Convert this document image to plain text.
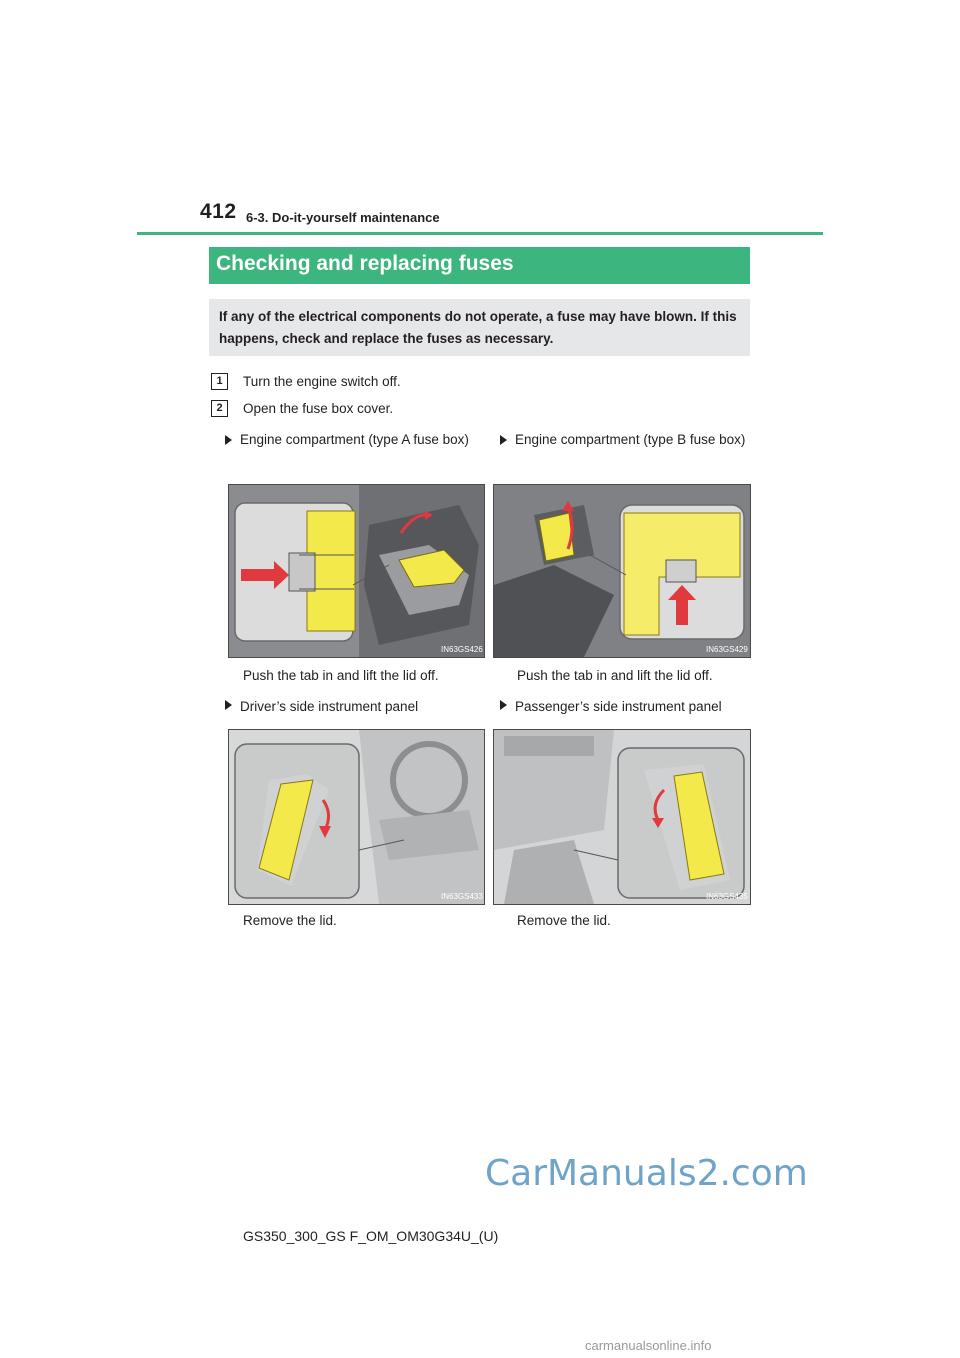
412 6-3. Do-it-yourself maintenance
Checking and replacing fuses
If any of the electrical components do not operate, a fuse may have blown. If this happens, check and replace the fuses as necessary.
1	Turn the engine switch off.
2	Open the fuse box cover.
Engine compartment (type A fuse box)	Engine compartment (type B fuse box)
IN63GS426	IN63GS429
Push the tab in and lift the lid off.	Push the tab in and lift the lid off.
Driver’s side instrument panel	Passenger’s side instrument panel
IN63GS433	IN63GS435
Remove the lid.	Remove the lid.
CarManuals2.com
GS350_300_GS F_OM_OM30G34U_(U)
carmanualsonline.info
